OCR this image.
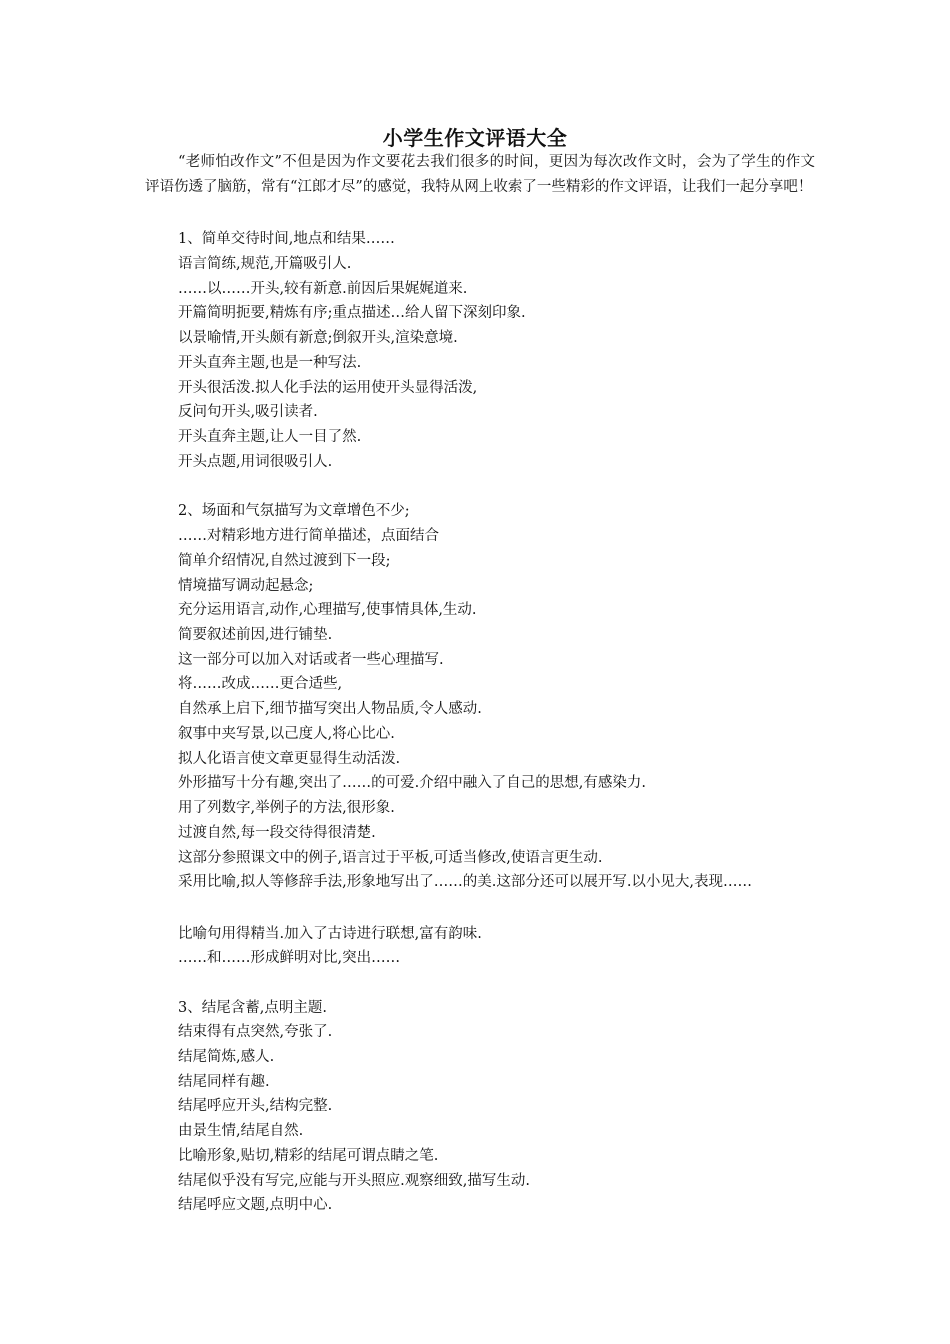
小学生作文评语大全
“老师怕改作文”不但是因为作文要花去我们很多的时间，更因为每次改作文时，会为了学生的作文评语伤透了脑筋，常有“江郎才尽”的感觉，我特从网上收索了一些精彩的作文评语，让我们一起分享吧！
1、简单交待时间,地点和结果……
语言简练,规范,开篇吸引人.
……以……开头,较有新意.前因后果娓娓道来.
开篇简明扼要,精炼有序;重点描述…给人留下深刻印象.
以景喻情,开头颇有新意;倒叙开头,渲染意境.
开头直奔主题,也是一种写法.
开头很活泼.拟人化手法的运用使开头显得活泼,
反问句开头,吸引读者.
开头直奔主题,让人一目了然.
开头点题,用词很吸引人.
2、场面和气氛描写为文章增色不少;
……对精彩地方进行简单描述，点面结合
简单介绍情况,自然过渡到下一段;
情境描写调动起悬念;
充分运用语言,动作,心理描写,使事情具体,生动.
简要叙述前因,进行铺垫.
这一部分可以加入对话或者一些心理描写.
将……改成……更合适些,
自然承上启下,细节描写突出人物品质,令人感动.
叙事中夹写景,以己度人,将心比心.
拟人化语言使文章更显得生动活泼.
外形描写十分有趣,突出了……的可爱.介绍中融入了自己的思想,有感染力.
用了列数字,举例子的方法,很形象.
过渡自然,每一段交待得很清楚.
这部分参照课文中的例子,语言过于平板,可适当修改,使语言更生动.
采用比喻,拟人等修辞手法,形象地写出了……的美.这部分还可以展开写.以小见大,表现……
比喻句用得精当.加入了古诗进行联想,富有韵味.
……和……形成鲜明对比,突出……
3、结尾含蓄,点明主题.
结束得有点突然,夸张了.
结尾简炼,感人.
结尾同样有趣.
结尾呼应开头,结构完整.
由景生情,结尾自然.
比喻形象,贴切,精彩的结尾可谓点睛之笔.
结尾似乎没有写完,应能与开头照应.观察细致,描写生动.
结尾呼应文题,点明中心.
